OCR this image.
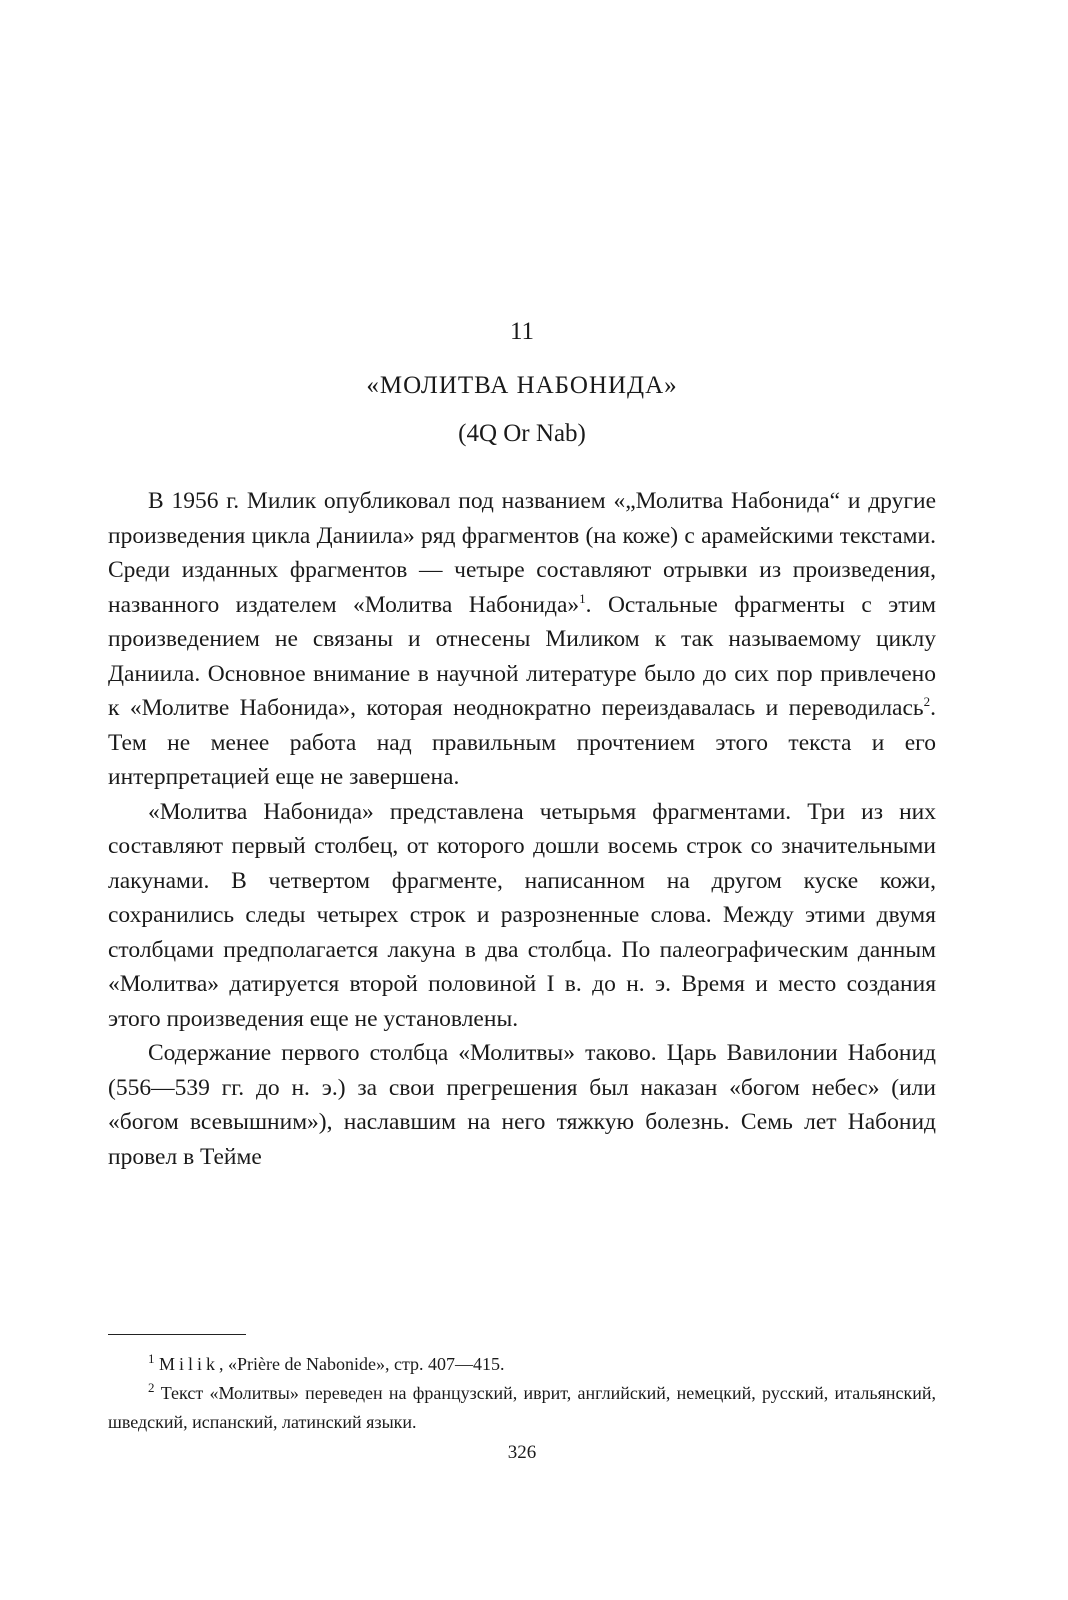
11
«МОЛИТВА НАБОНИДА»
(4Q Or Nab)

В 1956 г. Милик опубликовал под названием «„Молитва Набонида“ и другие произведения цикла Даниила» ряд фрагментов (на коже) с арамейскими текстами. Среди изданных фрагментов — четыре составляют отрывки из произведения, названного издателем «Молитва Набонида»$^1$. Остальные фрагменты с этим произведением не связаны и отнесены Миликом к так называемому циклу Даниила. Основное внимание в научной литературе было до сих пор привлечено к «Молитве Набонида», которая неоднократно переиздавалась и переводилась$^2$. Тем не менее работа над правильным прочтением этого текста и его интерпретацией еще не завершена.

«Молитва Набонида» представлена четырьмя фрагментами. Три из них составляют первый столбец, от которого дошли восемь строк со значительными лакунами. В четвертом фрагменте, написанном на другом куске кожи, сохранились следы четырех строк и разрозненные слова. Между этими двумя столбцами предполагается лакуна в два столбца. По палеографическим данным «Молитва» датируется второй половиной I в. до н. э. Время и место создания этого произведения еще не установлены.

Содержание первого столбца «Молитвы» таково. Царь Вавилонии Набонид (556—539 гг. до н. э.) за свои прегрешения был наказан «богом небес» (или «богом всевышним»), наславшим на него тяжкую болезнь. Семь лет Набонид провел в Тейме

$^1$ Milik, «Prière de Nabonide», стр. 407—415.

$^2$ Текст «Молитвы» переведен на французский, иврит, английский, немецкий, русский, итальянский, шведский, испанский, латинский языки.

326
